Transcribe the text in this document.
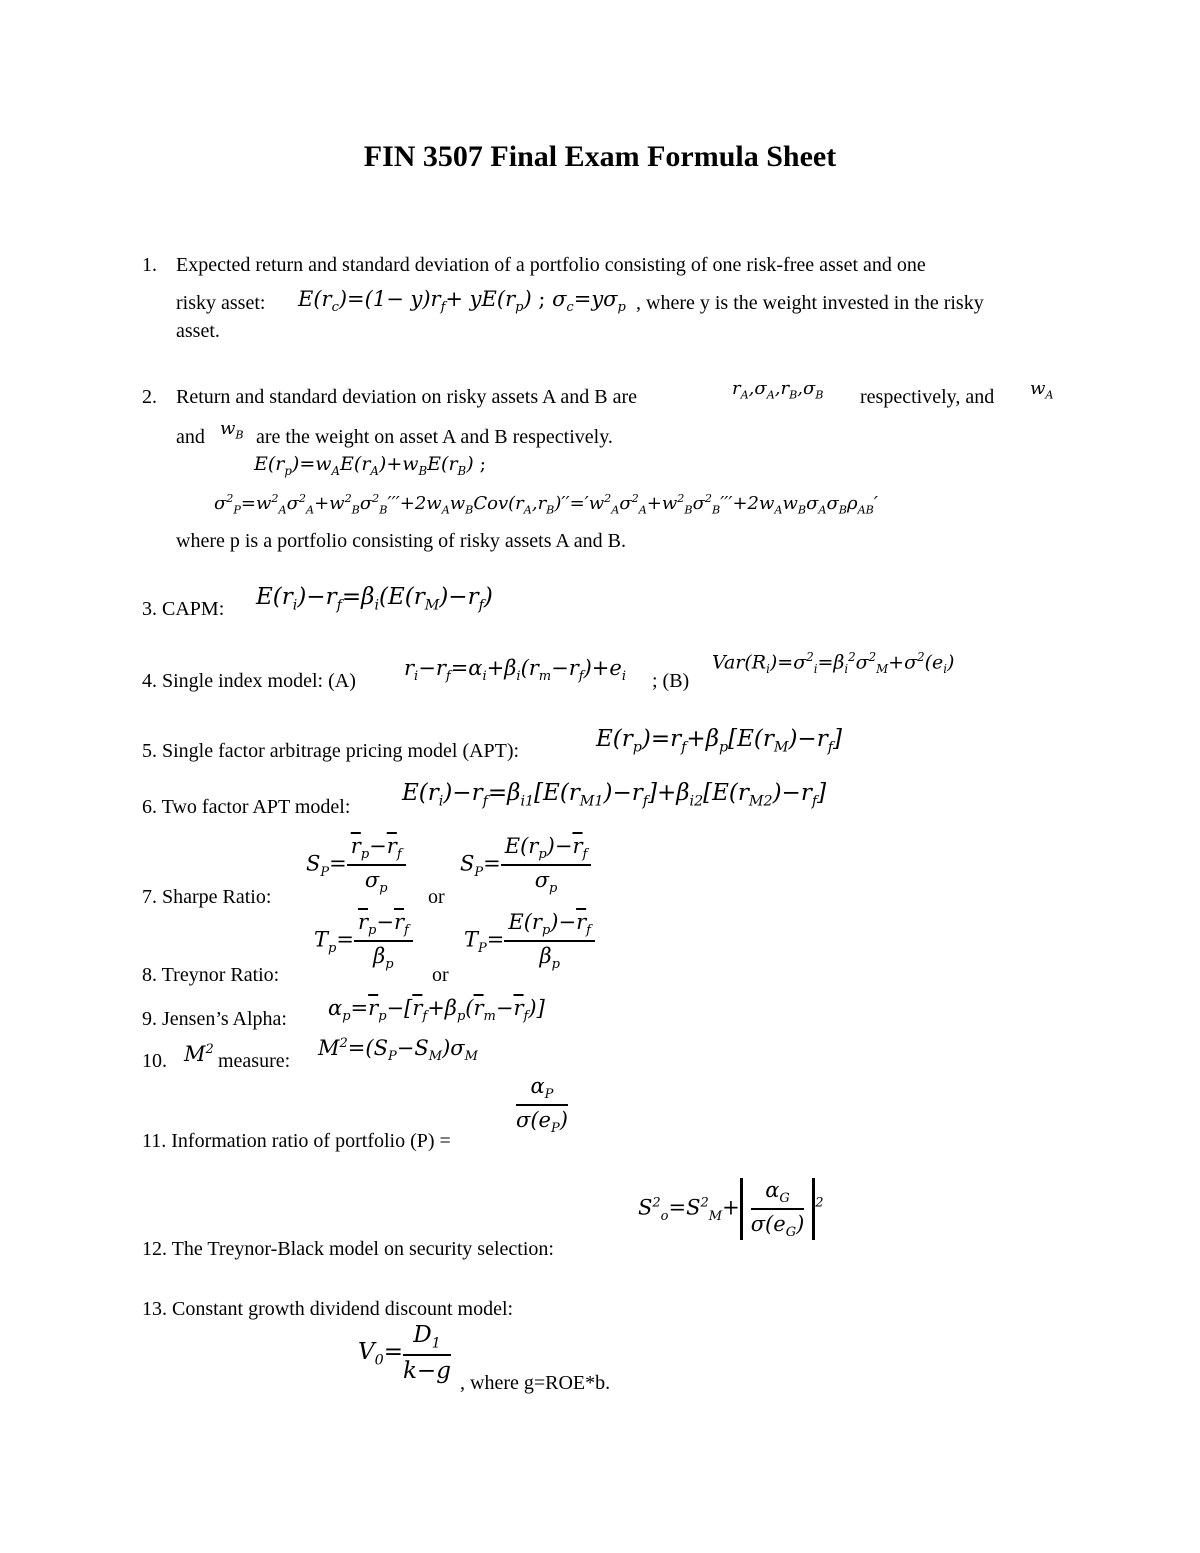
FIN 3507 Final Exam Formula Sheet
1. Expected return and standard deviation of a portfolio consisting of one risk-free asset and one
risky asset: $E(r_c)=(1- y)r_f+ yE(r_p)$ ; $\sigma_c=y\sigma_p$ , where y is the weight invested in the risky
asset.
2. Return and standard deviation on risky assets A and B are	$r_A,\sigma_A,r_B,\sigma_B$ respectively, and $w_A$
and $w_B$ are the weight on asset A and B respectively.
$E(r_p)=w_AE(r_A)+w_BE(r_B)$ ;
$\sigma^2_P=w^2_A\sigma^2_A+w^2_B\sigma^2_B'''+2w_Aw_BCov(r_A,r_B)''='w^2_A\sigma^2_A+w^2_B\sigma^2_B'''+2w_Aw_B\sigma_A\sigma_B\rho_{AB}'$
where p is a portfolio consisting of risky assets A and B.
3. CAPM: $E(r_i)-r_f=\beta_i(E(r_M)-r_f)$
4. Single index model: (A)
$r_i-r_f=\alpha_i+\beta_i(r_m-r_f)+e_i$ ; (B)
$Var(R_i)=\sigma^2_i=\beta_i^2\sigma^2_M+\sigma^2(e_i)$
5. Single factor arbitrage pricing model (APT):	$E(r_p)=r_f+\beta_p[E(r_M)-r_f]$
6. Two factor APT model:
$E(r_i)-r_f=\beta_{i1}[E(r_{M1})-r_f]+\beta_{i2}[E(r_{M2})-r_f]$
7. Sharpe Ratio:
$S_P= \frac{\overline{r}_p-\overline{r}_f}{\sigma_p}$
or
$S_P= \frac{E(r_p)-\overline{r}_f}{\sigma_p}$
8. Treynor Ratio:
$T_p= \frac{\overline{r}_p-\overline{r}_f}{\beta_p}$
or
$T_P= \frac{E(r_p)-\overline{r}_f}{\beta_p}$
9. Jensen’s Alpha: $\alpha_p=\overline{r}_p-[\overline{r}_f+\beta_p(\overline{r}_m-\overline{r}_f)]$
10. $M^2$
measure:
$M^2=(S_P-S_M)\sigma_M$
11. Information ratio of portfolio (P) =
$\frac{\alpha_P}{\sigma(e_P)}$
12. The Treynor-Black model on security selection:
$S^2_o=S^2_M+ \frac{\alpha_G}{\sigma(e_G)} ^2$
13. Constant growth dividend discount model:
$V_0= \frac{D_1}{k-g}$ , where g=ROE*b.
